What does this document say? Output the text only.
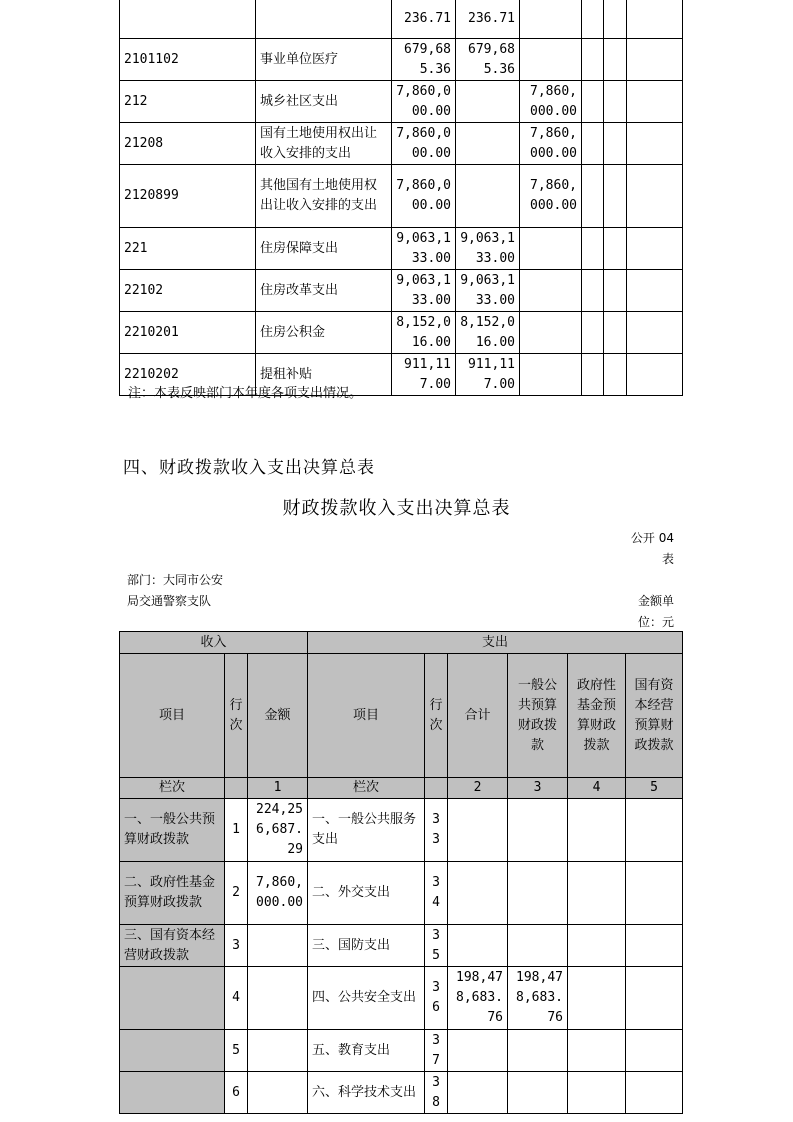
		236.71	236.71				
2101102	事业单位医疗	679,685.36	679,685.36				
212	城乡社区支出	7,860,000.00		7,860,000.00			
21208	国有土地使用权出让收入安排的支出	7,860,000.00		7,860,000.00			
2120899	其他国有土地使用权出让收入安排的支出	7,860,000.00		7,860,000.00			
221	住房保障支出	9,063,133.00	9,063,133.00				
22102	住房改革支出	9,063,133.00	9,063,133.00				
2210201	住房公积金	8,152,016.00	8,152,016.00				
2210202	提租补贴	911,117.00	911,117.00				
注：本表反映部门本年度各项支出情况。
四、财政拨款收入支出决算总表
财政拨款收入支出决算总表
公开 04 表
部门：大同市公安局交通警察支队	金额单位：元
收入			支出					
项目	行次	金额	项目	行次	合计	一般公共预算财政拨款	政府性基金预算财政拨款	国有资本经营预算财政拨款
栏次		1	栏次		2	3	4	5
一、一般公共预算财政拨款	1	224,256,687.29	一、一般公共服务支出	33				
二、政府性基金预算财政拨款	2	7,860,000.00	二、外交支出	34				
三、国有资本经营财政拨款	3		三、国防支出	35				
	4		四、公共安全支出	36	198,478,683.76	198,478,683.76		
	5		五、教育支出	37				
	6		六、科学技术支出	38				
